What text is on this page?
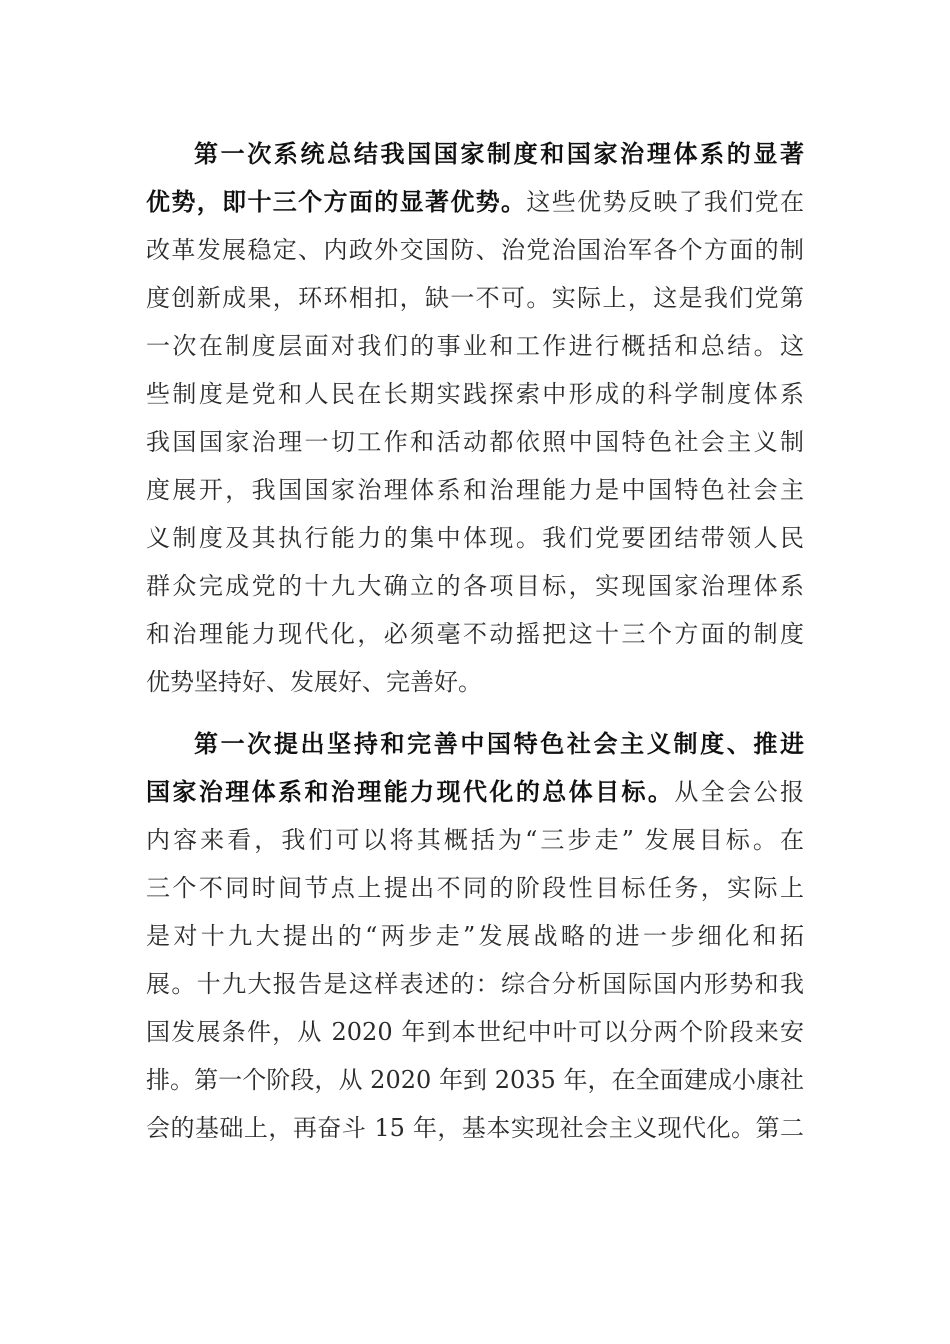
第一次系统总结我国国家制度和国家治理体系的显著
优势，即十三个方面的显著优势。这些优势反映了我们党在
改革发展稳定、内政外交国防、治党治国治军各个方面的制
度创新成果，环环相扣，缺一不可。实际上，这是我们党第
一次在制度层面对我们的事业和工作进行概括和总结。这
些制度是党和人民在长期实践探索中形成的科学制度体系
我国国家治理一切工作和活动都依照中国特色社会主义制
度展开，我国国家治理体系和治理能力是中国特色社会主
义制度及其执行能力的集中体现。我们党要团结带领人民
群众完成党的十九大确立的各项目标，实现国家治理体系
和治理能力现代化，必须毫不动摇把这十三个方面的制度
优势坚持好、发展好、完善好。
第一次提出坚持和完善中国特色社会主义制度、推进
国家治理体系和治理能力现代化的总体目标。从全会公报
内容来看，我们可以将其概括为“三步走” 发展目标。在
三个不同时间节点上提出不同的阶段性目标任务，实际上
是对十九大提出的“两步走”发展战略的进一步细化和拓
展。十九大报告是这样表述的：综合分析国际国内形势和我
国发展条件，从 2020 年到本世纪中叶可以分两个阶段来安
排。第一个阶段，从 2020 年到 2035 年，在全面建成小康社
会的基础上，再奋斗 15 年，基本实现社会主义现代化。第二
